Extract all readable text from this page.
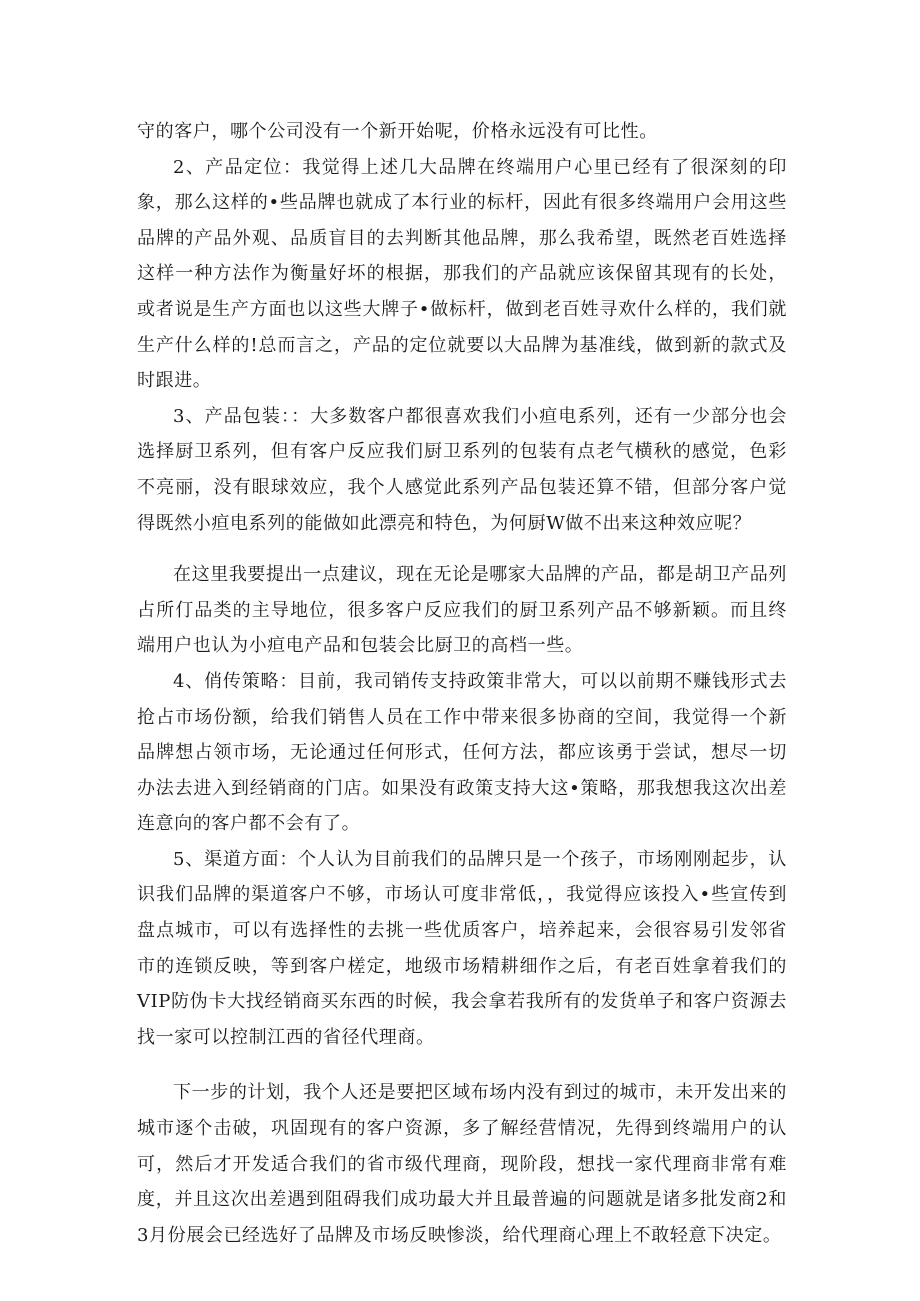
守的客户，哪个公司没有一个新开始呢，价格永远没有可比性。

2、产品定位：我觉得上述几大品牌在终端用户心里已经有了很深刻的印象，那么这样的•些品牌也就成了本行业的标杆，因此有很多终端用户会用这些品牌的产品外观、品质盲目的去判断其他品牌，那么我希望，既然老百姓选择这样一种方法作为衡量好坏的根据，那我们的产品就应该保留其现有的长处，或者说是生产方面也以这些大牌子•做标杆，做到老百姓寻欢什么样的，我们就生产什么样的!总而言之，产品的定位就要以大品牌为基准线，做到新的款式及时跟进。

3、产品包装：：大多数客户都很喜欢我们小疸电系列，还有一少部分也会选择厨卫系列，但有客户反应我们厨卫系列的包装有点老气横秋的感觉，色彩不亮丽，没有眼球效应，我个人感觉此系列产品包装还算不错，但部分客户觉得既然小疸电系列的能做如此漂亮和特色，为何厨W做不出来这种效应呢？

在这里我要提出一点建议，现在无论是哪家大品牌的产品，都是胡卫产品列占所仃品类的主导地位，很多客户反应我们的厨卫系列产品不够新颖。而且终端用户也认为小疸电产品和包装会比厨卫的高档一些。

4、俏传策略：目前，我司销传支持政策非常大，可以以前期不赚钱形式去抢占市场份额，给我们销售人员在工作中带来很多协商的空间，我觉得一个新品牌想占领市场，无论通过任何形式，任何方法，都应该勇于尝试，想尽一切办法去进入到经销商的门店。如果没有政策支持大这•策略，那我想我这次出差连意向的客户都不会有了。

5、渠道方面：个人认为目前我们的品牌只是一个孩子，市场刚刚起步，认识我们品牌的渠道客户不够，市场认可度非常低，，我觉得应该投入•些宣传到盘点城市，可以有选择性的去挑一些优质客户，培养起来，会很容易引发邻省市的连锁反映，等到客户槎定，地级市场精耕细作之后，有老百姓拿着我们的VIP防伪卡大找经销商买东西的时候，我会拿若我所有的发货单子和客户资源去找一家可以控制江西的省径代理商。

下一步的计划，我个人还是要把区域布场内没有到过的城市，未开发出来的城市逐个击破，巩固现有的客户资源，多了解经营情况，先得到终端用户的认可，然后才开发适合我们的省市级代理商，现阶段，想找一家代理商非常有难度，并且这次出差遇到阻碍我们成功最大并且最普遍的问题就是诸多批发商2和3月份展会已经选好了品牌及市场反映惨淡，给代理商心理上不敢轻意下决定。
